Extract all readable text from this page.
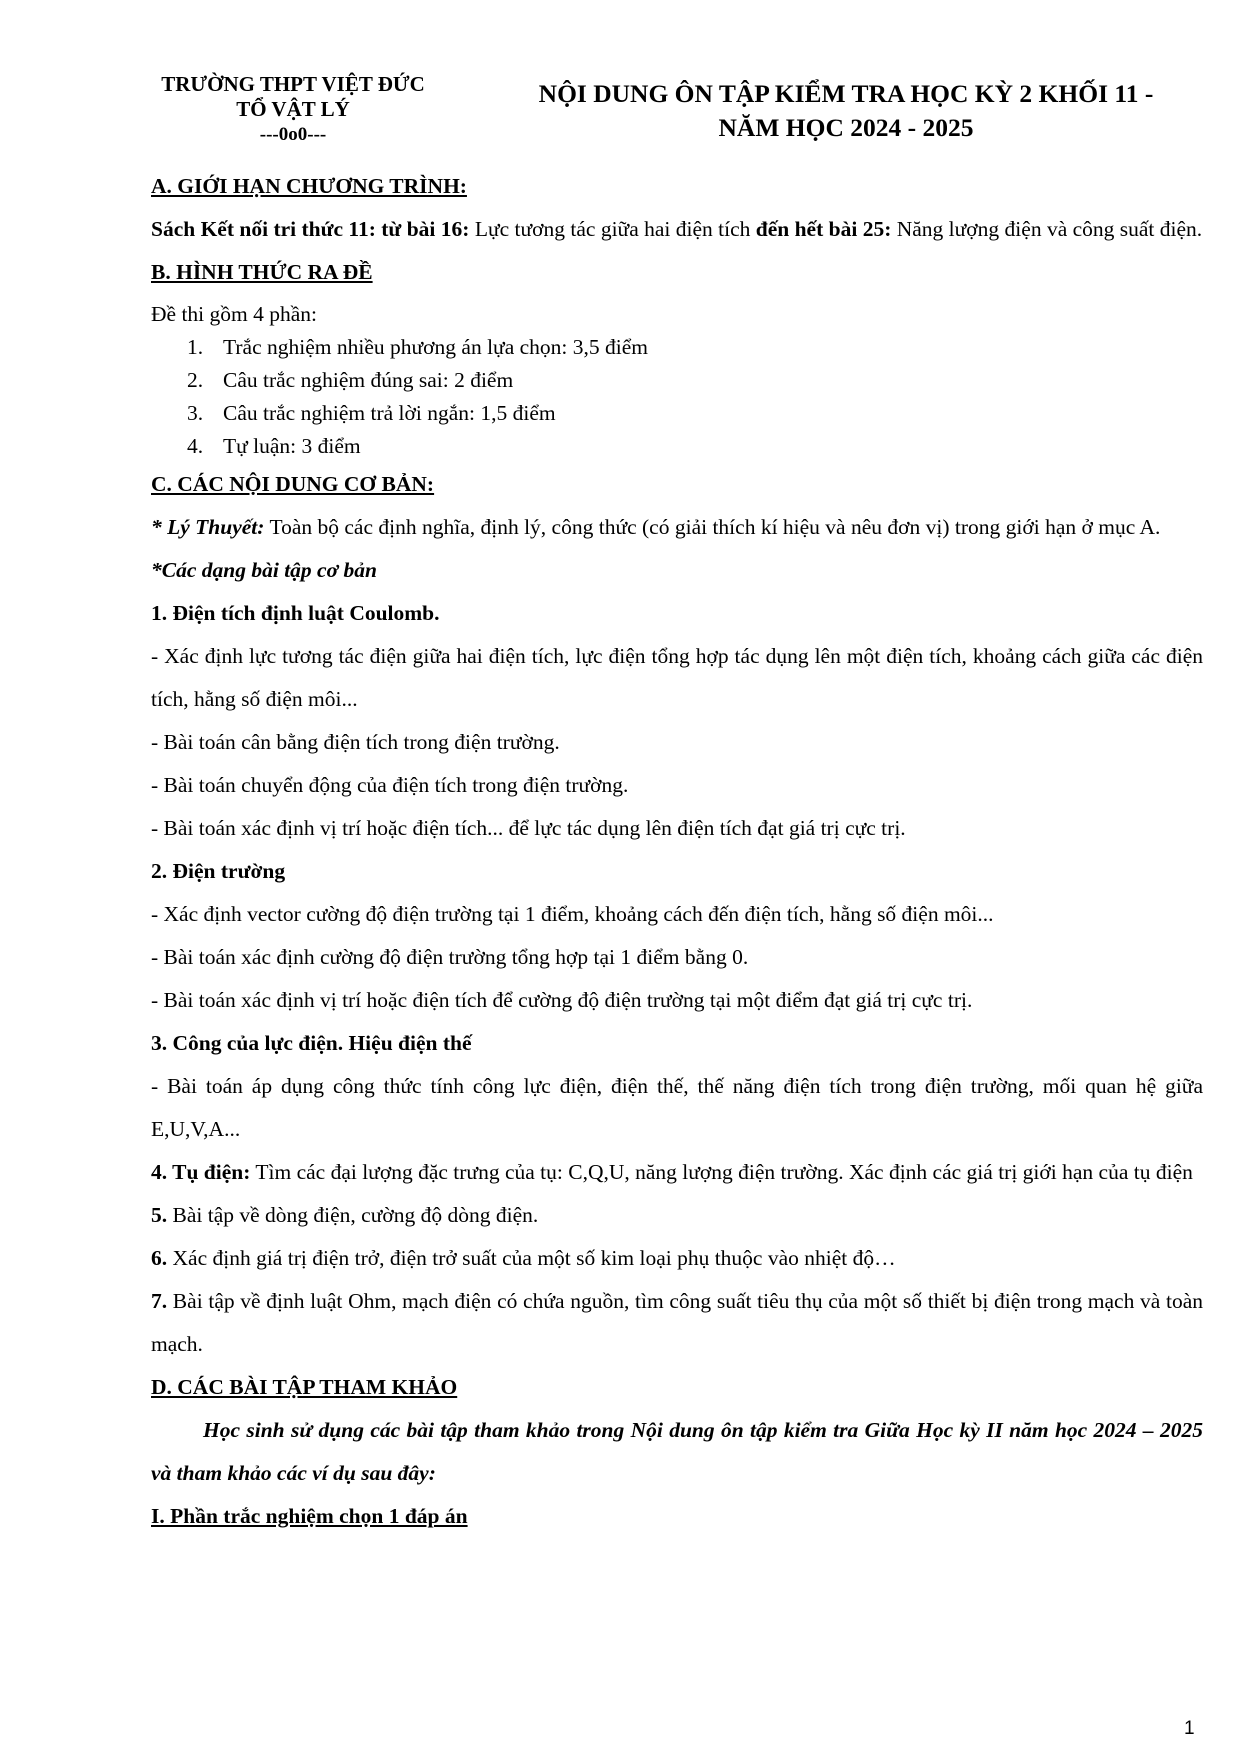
TRƯỜNG THPT VIỆT ĐỨC
TỔ VẬT LÝ
---0o0---
NỘI DUNG ÔN TẬP KIỂM TRA HỌC KỲ 2 KHỐI 11 -
NĂM HỌC 2024 - 2025
A. GIỚI HẠN CHƯƠNG TRÌNH:
Sách Kết nối tri thức 11: từ bài 16: Lực tương tác giữa hai điện tích đến hết bài 25: Năng lượng điện và công suất điện.
B. HÌNH THỨC RA ĐỀ
Đề thi gồm 4 phần:
1. Trắc nghiệm nhiều phương án lựa chọn: 3,5 điểm
2. Câu trắc nghiệm đúng sai: 2 điểm
3. Câu trắc nghiệm trả lời ngắn: 1,5 điểm
4. Tự luận: 3 điểm
C. CÁC NỘI DUNG CƠ BẢN:
* Lý Thuyết: Toàn bộ các định nghĩa, định lý, công thức (có giải thích kí hiệu và nêu đơn vị) trong giới hạn ở mục A.
*Các dạng bài tập cơ bản
1. Điện tích định luật Coulomb.
- Xác định lực tương tác điện giữa hai điện tích, lực điện tổng hợp tác dụng lên một điện tích, khoảng cách giữa các điện tích, hằng số điện môi...
- Bài toán cân bằng điện tích trong điện trường.
- Bài toán chuyển động của điện tích trong điện trường.
- Bài toán xác định vị trí hoặc điện tích... để lực tác dụng lên điện tích đạt giá trị cực trị.
2. Điện trường
- Xác định vector cường độ điện trường tại 1 điểm, khoảng cách đến điện tích, hằng số điện môi...
- Bài toán xác định cường độ điện trường tổng hợp tại 1 điểm bằng 0.
- Bài toán xác định vị trí hoặc điện tích để cường độ điện trường tại một điểm đạt giá trị cực trị.
3. Công của lực điện. Hiệu điện thế
- Bài toán áp dụng công thức tính công lực điện, điện thế, thế năng điện tích trong điện trường, mối quan hệ giữa E,U,V,A...
4. Tụ điện: Tìm các đại lượng đặc trưng của tụ: C,Q,U, năng lượng điện trường. Xác định các giá trị giới hạn của tụ điện
5. Bài tập về dòng điện, cường độ dòng điện.
6. Xác định giá trị điện trở, điện trở suất của một số kim loại phụ thuộc vào nhiệt độ…
7. Bài tập về định luật Ohm, mạch điện có chứa nguồn, tìm công suất tiêu thụ của một số thiết bị điện trong mạch và toàn mạch.
D. CÁC BÀI TẬP THAM KHẢO
Học sinh sử dụng các bài tập tham khảo trong Nội dung ôn tập kiểm tra Giữa Học kỳ II năm học 2024 – 2025 và tham khảo các ví dụ sau đây:
I. Phần trắc nghiệm chọn 1 đáp án
1
